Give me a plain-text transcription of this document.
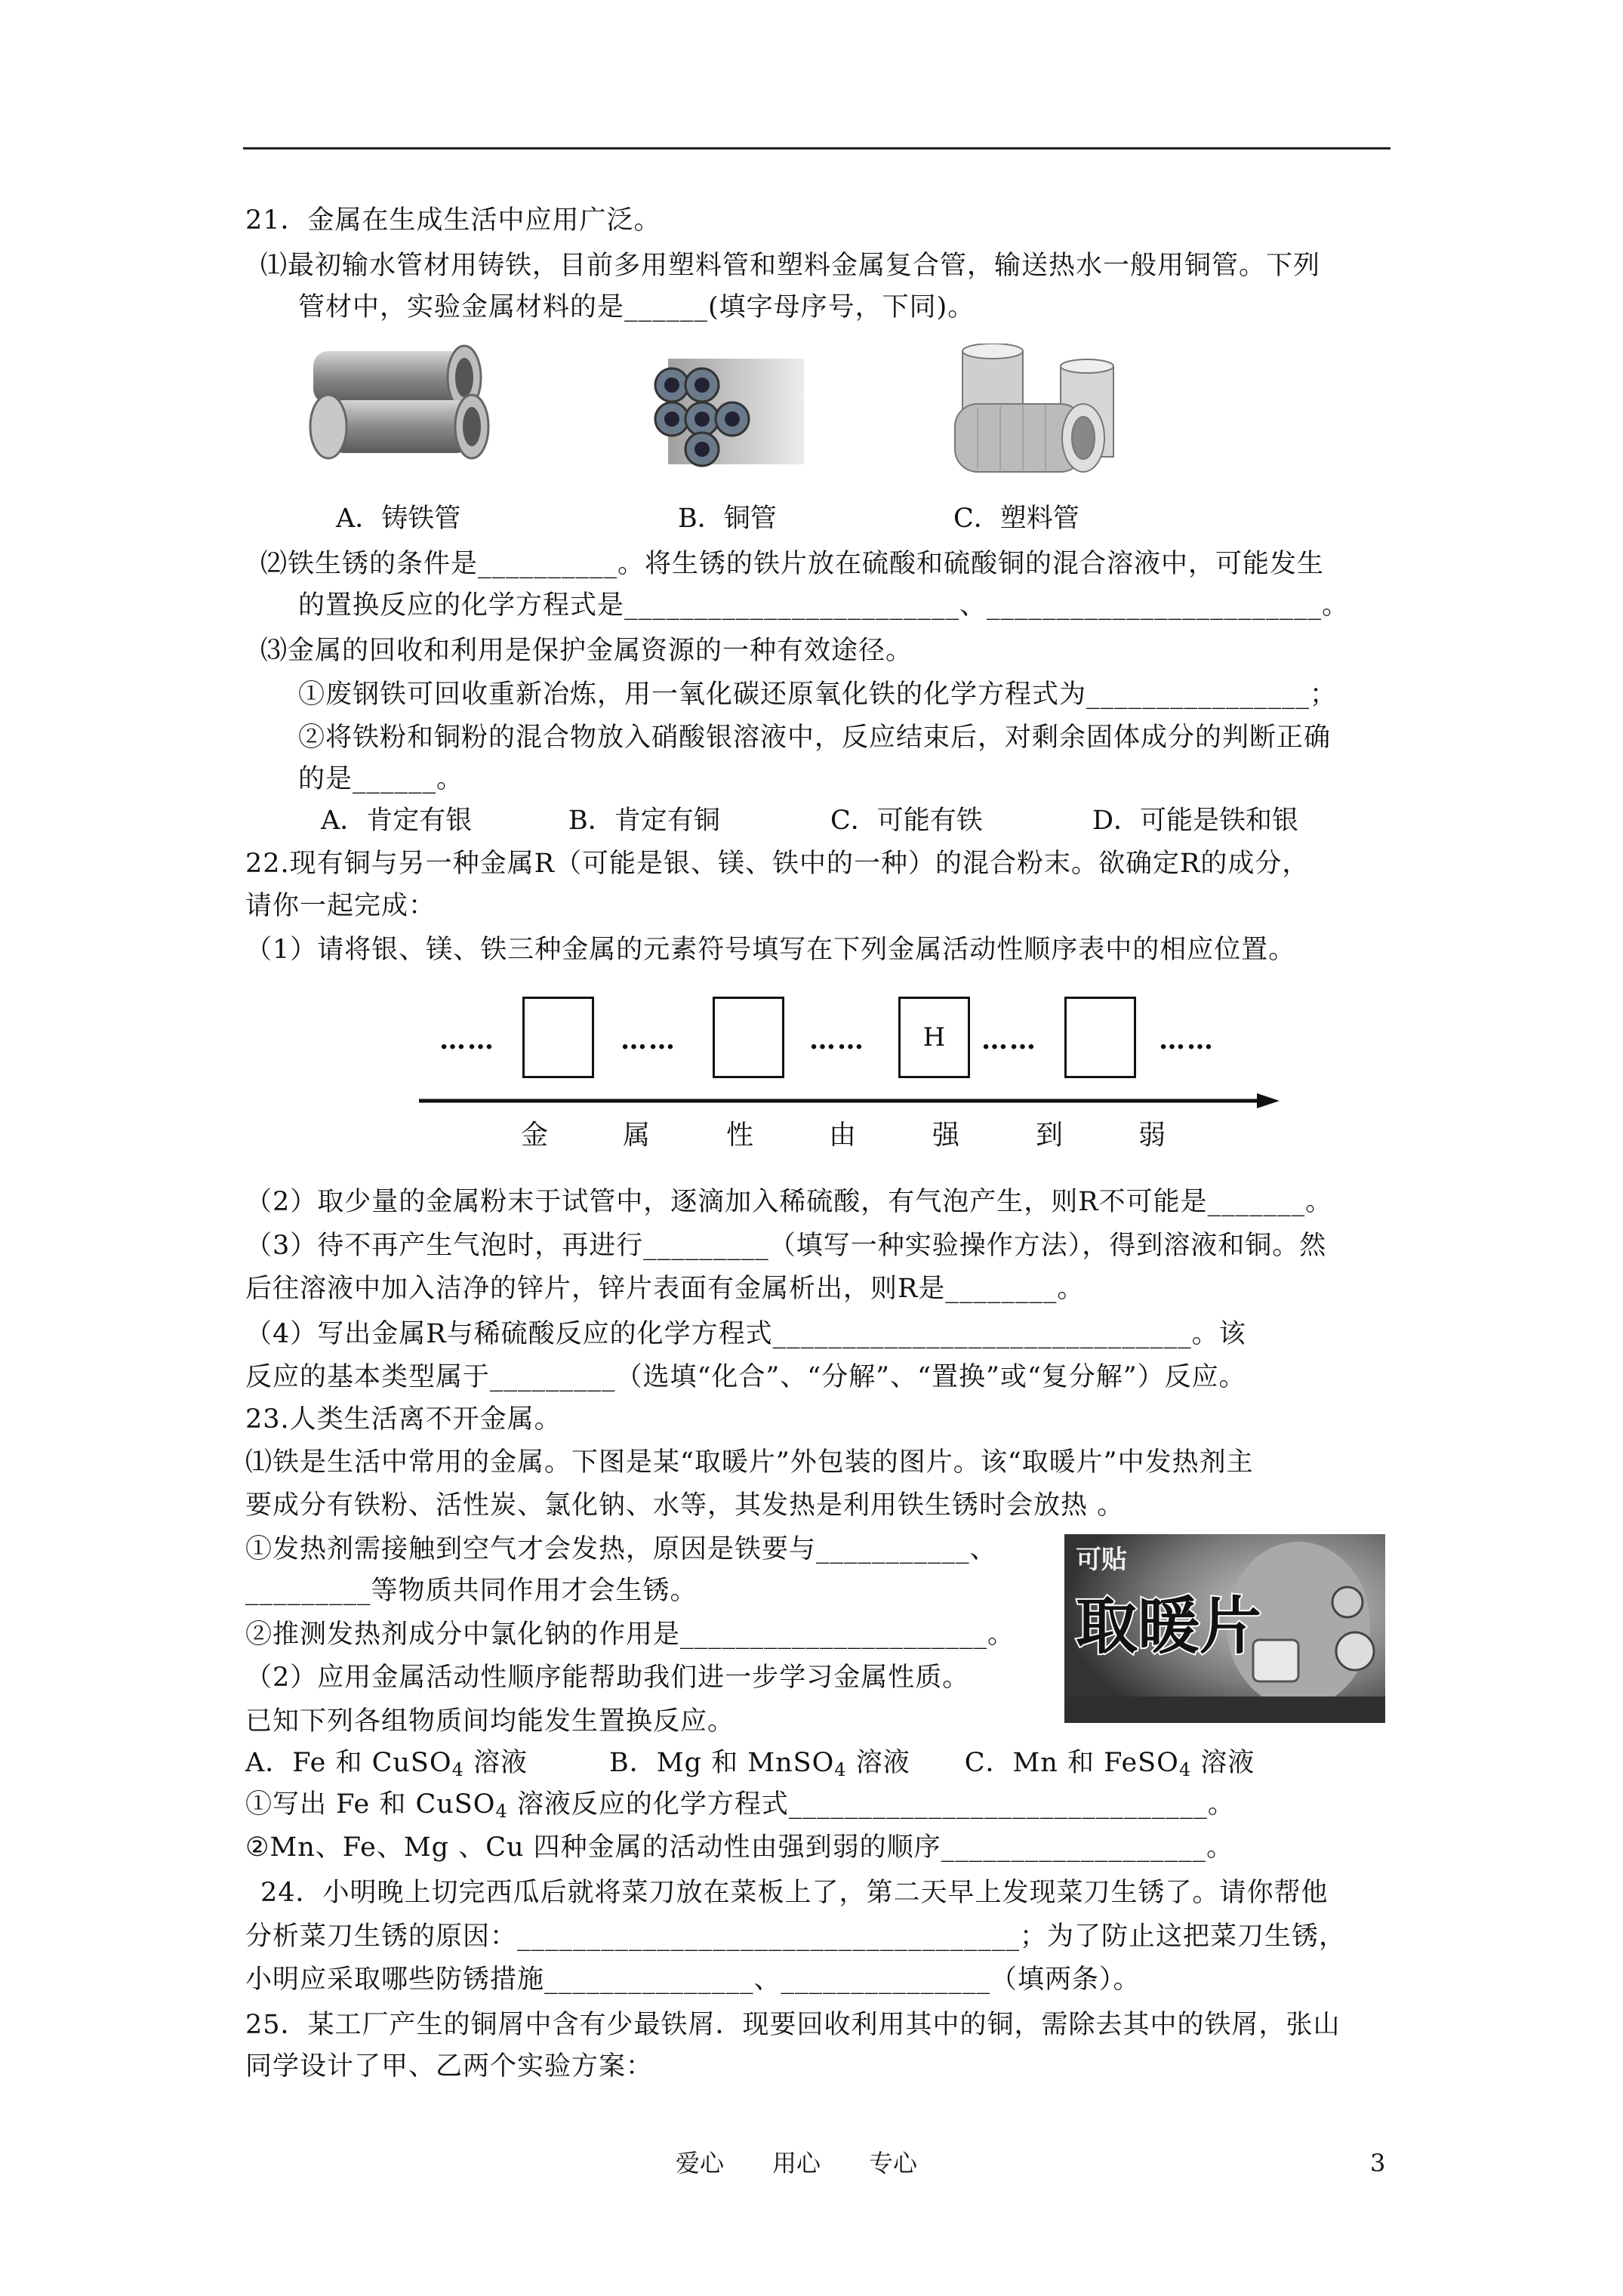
21．金属在生成生活中应用广泛。
⑴最初输水管材用铸铁，目前多用塑料管和塑料金属复合管，输送热水一般用铜管。下列
管材中，实验金属材料的是______(填字母序号，下同)。
A．铸铁管	B．铜管	C．塑料管
⑵铁生锈的条件是__________。将生锈的铁片放在硫酸和硫酸铜的混合溶液中，可能发生
的置换反应的化学方程式是________________________、________________________。
⑶金属的回收和利用是保护金属资源的一种有效途径。
①废钢铁可回收重新冶炼，用一氧化碳还原氧化铁的化学方程式为________________；
②将铁粉和铜粉的混合物放入硝酸银溶液中，反应结束后，对剩余固体成分的判断正确
的是______。
A．肯定有银	B．肯定有铜	C．可能有铁	D．可能是铁和银
22.现有铜与另一种金属R（可能是银、镁、铁中的一种）的混合粉末。欲确定R的成分，
请你一起完成：
（1）请将银、镁、铁三种金属的元素符号填写在下列金属活动性顺序表中的相应位置。
……	……	……	H	……	……
金	属	性	由	强	到	弱
（2）取少量的金属粉末于试管中，逐滴加入稀硫酸，有气泡产生，则R不可能是_______。
（3）待不再产生气泡时，再进行_________（填写一种实验操作方法），得到溶液和铜。然
后往溶液中加入洁净的锌片，锌片表面有金属析出，则R是________。
（4）写出金属R与稀硫酸反应的化学方程式______________________________。该
反应的基本类型属于_________（选填“化合”、“分解”、“置换”或“复分解”）反应。
23.人类生活离不开金属。
⑴铁是生活中常用的金属。下图是某“取暖片”外包装的图片。该“取暖片”中发热剂主
要成分有铁粉、活性炭、氯化钠、水等，其发热是利用铁生锈时会放热 。
①发热剂需接触到空气才会发热，原因是铁要与___________、
_________等物质共同作用才会生锈。
②推测发热剂成分中氯化钠的作用是______________________。
（2）应用金属活动性顺序能帮助我们进一步学习金属性质。
已知下列各组物质间均能发生置换反应。
可贴
取暖片
A．Fe 和 CuSO$_4$ 溶液　　　B．Mg 和 MnSO$_4$ 溶液　　C．Mn 和 FeSO$_4$ 溶液
①写出 Fe 和 CuSO$_4$ 溶液反应的化学方程式______________________________。
②Mn、Fe、Mg 、Cu 四种金属的活动性由强到弱的顺序___________________。
24．小明晚上切完西瓜后就将菜刀放在菜板上了，第二天早上发现菜刀生锈了。请你帮他
分析菜刀生锈的原因：____________________________________；为了防止这把菜刀生锈，
小明应采取哪些防锈措施_______________、_______________（填两条）。
25．某工厂产生的铜屑中含有少最铁屑．现要回收利用其中的铜，需除去其中的铁屑，张山
同学设计了甲、乙两个实验方案：
爱心　　用心　　专心	3
